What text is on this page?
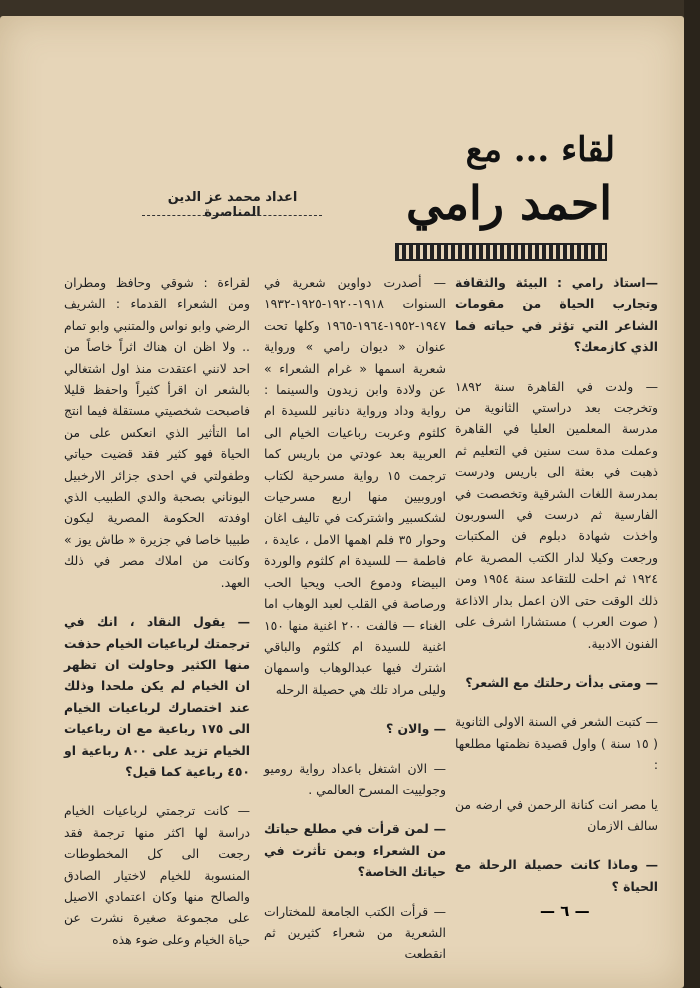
لقاء ... مع
احمد رامي
اعداد محمد عز الدين المناصرة

—استاذ رامي : البيئة والثقافة وتجارب الحياة من مقومات الشاعر التي تؤثر في حياته فما الذي كازمعك؟

— ولدت في القاهرة سنة ١٨٩٢ وتخرجت بعد دراستي الثانوية من مدرسة المعلمين العليا في القاهرة وعملت مدة ست سنين في التعليم ثم ذهبت في بعثة الى باريس ودرست بمدرسة اللغات الشرقية وتخصصت في الفارسية ثم درست في السوربون واخذت شهادة دبلوم فن المكتبات ورجعت وكيلا لدار الكتب المصرية عام ١٩٢٤ ثم احلت للتقاعد سنة ١٩٥٤ ومن ذلك الوقت حتى الان اعمل بدار الاذاعة ( صوت العرب ) مستشارا اشرف على الفنون الادبية.

— ومتى بدأت رحلتك مع الشعر؟

— كتبت الشعر في السنة الاولى الثانوية ( ١٥ سنة ) واول قصيدة نظمتها مطلعها :

يا مصر انت كنانة الرحمن في ارضه من سالف الازمان

— وماذا كانت حصيلة الرحلة مع الحياة ؟

— أصدرت دواوين شعرية في السنوات ١٩١٨-١٩٢٠-١٩٢٥-١٩٣٢ ١٩٤٧-١٩٥٢-١٩٦٤-١٩٦٥ وكلها تحت عنوان « ديوان رامي » ورواية شعرية اسمها « غرام الشعراء » عن ولادة وابن زيدون والسينما : رواية وداد ورواية دنانير للسيدة ام كلثوم وعربت رباعيات الخيام الى العربية بعد عودتي من باريس كما ترجمت ١٥ رواية مسرحية لكتاب اوروبيين منها اربع مسرحيات لشكسبير واشتركت في تاليف اغان وحوار ٣٥ فلم اهمها الامل ، عايدة ، فاطمة — للسيدة ام كلثوم والوردة البيضاء ودموع الحب ويحيا الحب ورصاصة في القلب لعبد الوهاب اما الغناء — فالفت ٢٠٠ اغنية منها ١٥٠ اغنية للسيدة ام كلثوم والباقي اشترك فيها عبدالوهاب واسمهان وليلى مراد تلك هي حصيلة الرحله

— والان ؟

— الان اشتغل باعداد رواية روميو وجولييت المسرح العالمي .

— لمن قرأت في مطلع حياتك من الشعراء وبمن تأثرت في حياتك الخاصة؟

— قرأت الكتب الجامعة للمختارات الشعرية من شعراء كثيرين ثم انقطعت

لقراءة : شوقي وحافظ ومطران ومن الشعراء القدماء : الشريف الرضي وابو نواس والمتنبي وابو تمام .. ولا اظن ان هناك اثراً خاصاً من احد لانني اعتقدت منذ اول اشتغالي بالشعر ان اقرأ كثيراً واحفظ قليلا فاصبحت شخصيتي مستقلة فيما انتج اما التأثير الذي انعكس على من الحياة فهو كثير فقد قضيت حياتي وطفولتي في احدى جزائر الارخبيل اليوناني بصحبة والدي الطبيب الذي اوفدته الحكومة المصرية ليكون طبيبا خاصا في جزيرة « طاش يوز » وكانت من املاك مصر في ذلك العهد.

— يقول النقاد ، انك في ترجمتك لرباعيات الخيام حذفت منها الكثير وحاولت ان تظهر ان الخيام لم يكن ملحدا وذلك عند اختصارك لرباعيات الخيام الى ١٧٥ رباعية مع ان رباعيات الخيام تزيد على ٨٠٠ رباعية او ٤٥٠ رباعية كما قيل؟

— كانت ترجمتي لرباعيات الخيام دراسة لها اكثر منها ترجمة فقد رجعت الى كل المخطوطات المنسوبة للخيام لاختيار الصادق والصالح منها وكان اعتمادي الاصيل على مجموعة صغيرة نشرت عن حياة الخيام وعلى ضوء هذه

— ٦ —
